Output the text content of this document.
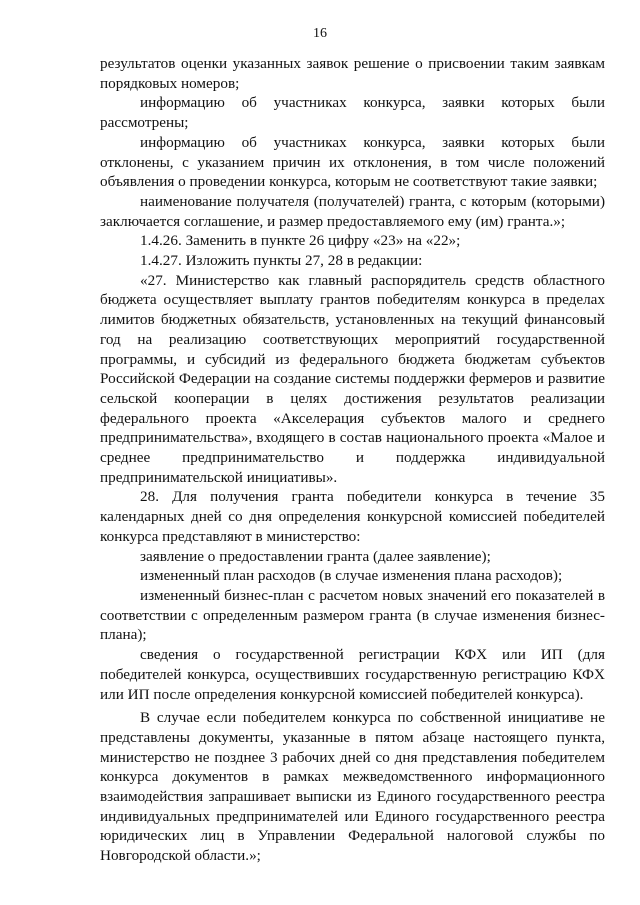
16

результатов оценки указанных заявок решение о присвоении таким заявкам порядковых номеров;

информацию об участниках конкурса, заявки которых были рассмотрены;

информацию об участниках конкурса, заявки которых были отклонены, с указанием причин их отклонения, в том числе положений объявления о проведении конкурса, которым не соответствуют такие заявки;

наименование получателя (получателей) гранта, с которым (которыми) заключается соглашение, и размер предоставляемого ему (им) гранта.»;

1.4.26. Заменить в пункте 26 цифру «23» на «22»;

1.4.27. Изложить пункты 27, 28 в редакции:

«27. Министерство как главный распорядитель средств областного бюджета осуществляет выплату грантов победителям конкурса в пределах лимитов бюджетных обязательств, установленных на текущий финансовый год на реализацию соответствующих мероприятий государственной программы, и субсидий из федерального бюджета бюджетам субъектов Российской Федерации на создание системы поддержки фермеров и развитие сельской кооперации в целях достижения результатов реализации федерального проекта «Акселерация субъектов малого и среднего предпринимательства», входящего в состав национального проекта «Малое и среднее предпринимательство и поддержка индивидуальной предпринимательской инициативы».

28. Для получения гранта победители конкурса в течение 35 календарных дней со дня определения конкурсной комиссией победителей конкурса представляют в министерство:

заявление о предоставлении гранта (далее заявление);

измененный план расходов (в случае изменения плана расходов);

измененный бизнес-план с расчетом новых значений его показателей в соответствии с определенным размером гранта (в случае изменения бизнес-плана);

сведения о государственной регистрации КФХ или ИП (для победителей конкурса, осуществивших государственную регистрацию КФХ или ИП после определения конкурсной комиссией победителей конкурса).

В случае если победителем конкурса по собственной инициативе не представлены документы, указанные в пятом абзаце настоящего пункта, министерство не позднее 3 рабочих дней со дня представления победителем конкурса документов в рамках межведомственного информационного взаимодействия запрашивает выписки из Единого государственного реестра индивидуальных предпринимателей или Единого государственного реестра юридических лиц в Управлении Федеральной налоговой службы по Новгородской области.»;
